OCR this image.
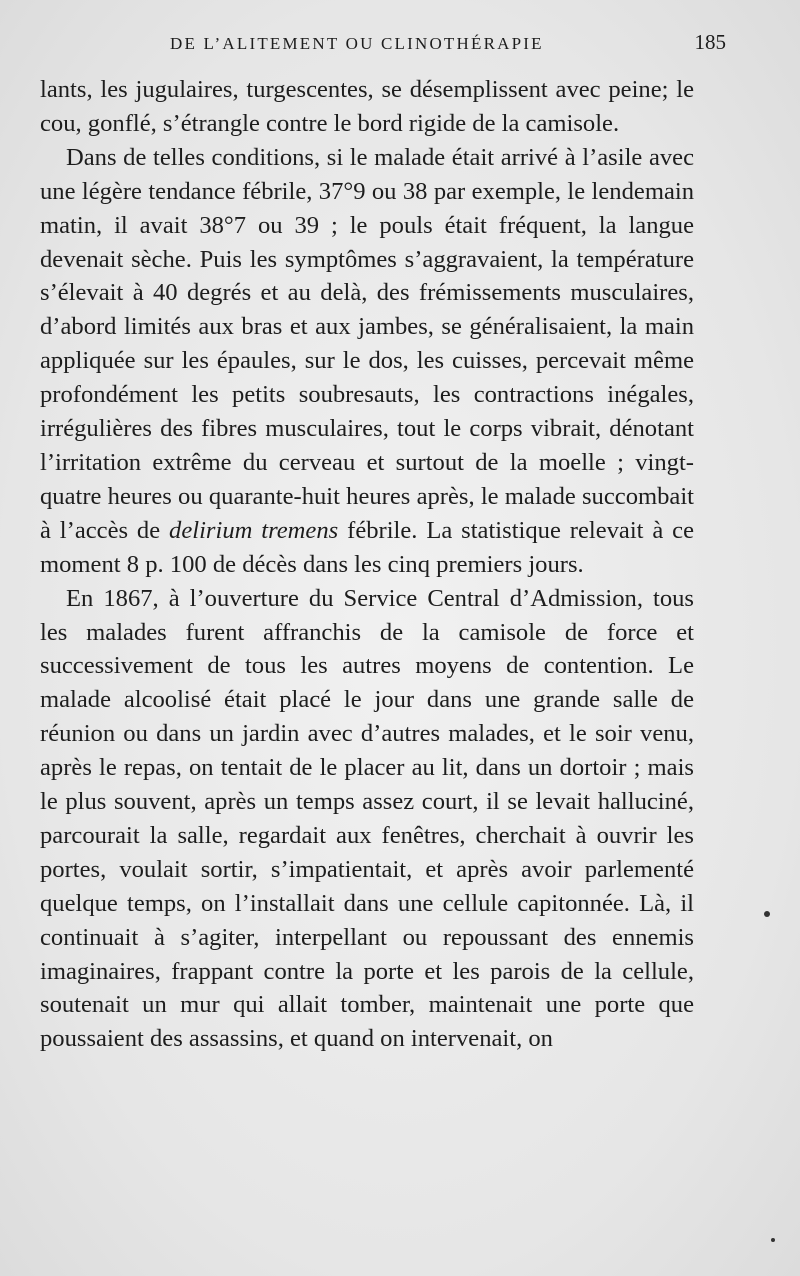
DE L’ALITEMENT OU CLINOTHÉRAPIE	185

lants, les jugulaires, turgescentes, se désemplissent avec peine; le cou, gonflé, s’étrangle contre le bord rigide de la camisole.

Dans de telles conditions, si le malade était arrivé à l’asile avec une légère tendance fébrile, 37°9 ou 38 par exemple, le lendemain matin, il avait 38°7 ou 39 ; le pouls était fréquent, la langue devenait sèche. Puis les symptômes s’aggravaient, la température s’élevait à 40 degrés et au delà, des frémissements musculaires, d’abord limités aux bras et aux jambes, se généralisaient, la main appliquée sur les épaules, sur le dos, les cuisses, percevait même profondément les petits soubresauts, les contractions inégales, irrégulières des fibres musculaires, tout le corps vibrait, dénotant l’irritation extrême du cerveau et surtout de la moelle ; vingt-quatre heures ou quarante-huit heures après, le malade succombait à l’accès de delirium tremens fébrile. La statistique relevait à ce moment 8 p. 100 de décès dans les cinq premiers jours.

En 1867, à l’ouverture du Service Central d’Admission, tous les malades furent affranchis de la camisole de force et successivement de tous les autres moyens de contention. Le malade alcoolisé était placé le jour dans une grande salle de réunion ou dans un jardin avec d’autres malades, et le soir venu, après le repas, on tentait de le placer au lit, dans un dortoir ; mais le plus souvent, après un temps assez court, il se levait halluciné, parcourait la salle, regardait aux fenêtres, cherchait à ouvrir les portes, voulait sortir, s’impatientait, et après avoir parlementé quelque temps, on l’installait dans une cellule capitonnée. Là, il continuait à s’agiter, interpellant ou repoussant des ennemis imaginaires, frappant contre la porte et les parois de la cellule, soutenait un mur qui allait tomber, maintenait une porte que poussaient des assassins, et quand on intervenait, on
